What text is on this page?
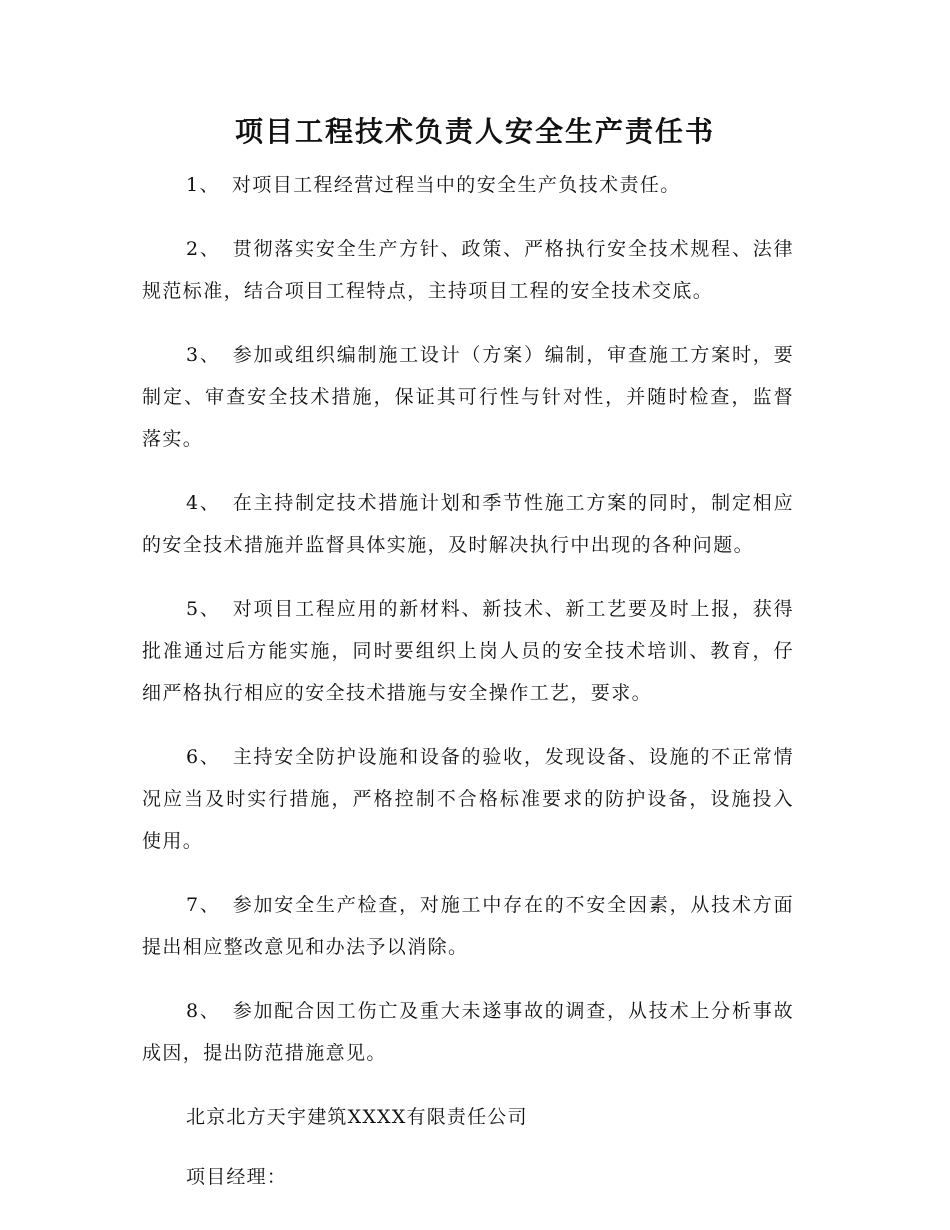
项目工程技术负责人安全生产责任书

1、 对项目工程经营过程当中的安全生产负技术责任。

2、 贯彻落实安全生产方针、政策、严格执行安全技术规程、法律规范标准，结合项目工程特点，主持项目工程的安全技术交底。

3、 参加或组织编制施工设计（方案）编制，审查施工方案时，要制定、审查安全技术措施，保证其可行性与针对性，并随时检查，监督落实。

4、 在主持制定技术措施计划和季节性施工方案的同时，制定相应的安全技术措施并监督具体实施，及时解决执行中出现的各种问题。

5、 对项目工程应用的新材料、新技术、新工艺要及时上报，获得批准通过后方能实施，同时要组织上岗人员的安全技术培训、教育，仔细严格执行相应的安全技术措施与安全操作工艺，要求。

6、 主持安全防护设施和设备的验收，发现设备、设施的不正常情况应当及时实行措施，严格控制不合格标准要求的防护设备，设施投入使用。

7、 参加安全生产检查，对施工中存在的不安全因素，从技术方面提出相应整改意见和办法予以消除。

8、 参加配合因工伤亡及重大未遂事故的调查，从技术上分析事故成因，提出防范措施意见。

北京北方天宇建筑XXXX有限责任公司

项目经理：
